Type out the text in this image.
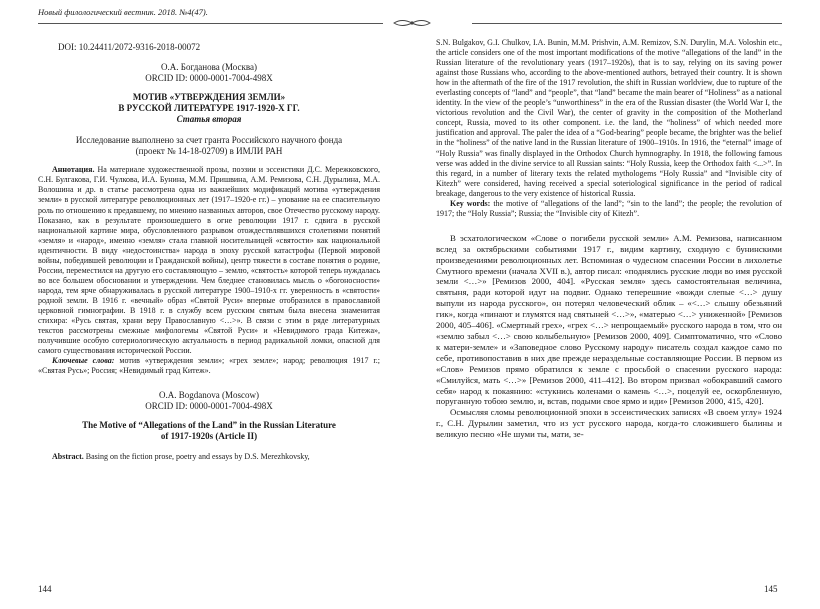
Новый филологический вестник. 2018. №4(47).
DOI: 10.24411/2072-9316-2018-00072
О.А. Богданова (Москва)
ORCID ID: 0000-0001-7004-498X
МОТИВ «УТВЕРЖДЕНИЯ ЗЕМЛИ»
В РУССКОЙ ЛИТЕРАТУРЕ 1917-1920-Х ГГ.
Статья вторая
Исследование выполнено за счет гранта Российского научного фонда
(проект № 14-18-02709) в ИМЛИ РАН

Аннотация. На материале художественной прозы, поэзии и эссеистики Д.С. Мережковского, С.Н. Булгакова, Г.И. Чулкова, И.А. Бунина, М.М. Пришвина, А.М. Ремизова, С.Н. Дурылина, М.А. Волошина и др. в статье рассмотрена одна из важнейших модификаций мотива «утверждения земли» в русской литературе революционных лет (1917–1920-е гг.) – упование на ее спасительную роль по отношению к предавшему, по мнению названных авторов, свое Отечество русскому народу. Показано, как в результате произошедшего в огне революции 1917 г. сдвига в русской национальной картине мира, обусловленного разрывом отождествлявшихся столетиями понятий «земля» и «народ», именно «земля» стала главной носительницей «святости» как национальной идентичности. В виду «недостоинства» народа в эпоху русской катастрофы (Первой мировой войны, победившей революции и Гражданской войны), центр тяжести в составе понятия о родине, России, переместился на другую его составляющую – землю, «святость» которой теперь нуждалась во все большем обосновании и утверждении. Чем бледнее становилась мысль о «богоносности» народа, тем ярче обнаруживалась в русской литературе 1900–1910-х гг. уверенность в «святости» родной земли. В 1916 г. «вечный» образ «Святой Руси» впервые отобразился в православной церковной гимнографии. В 1918 г. в службу всем русским святым была внесена знаменитая стихира: «Русь святая, храни веру Православную <…>». В связи с этим в ряде литературных текстов рассмотрены смежные мифологемы «Святой Руси» и «Невидимого града Китежа», получившие особую сотериологическую актуальность в период радикальной ломки, опасной для самого существования исторической России.

Ключевые слова: мотив «утверждения земли»; «грех земле»; народ; революция 1917 г.; «Святая Русь»; Россия; «Невидимый град Китеж».

O.A. Bogdanova (Moscow)
ORCID ID: 0000-0001-7004-498X
The Motive of “Allegations of the Land” in the Russian Literature
of 1917-1920s (Article II)

Abstract. Basing on the fiction prose, poetry and essays by D.S. Merezhkovsky,

S.N. Bulgakov, G.I. Chulkov, I.A. Bunin, M.M. Prishvin, A.M. Remizov, S.N. Durylin, M.A. Voloshin etc., the article considers one of the most important modifications of the motive “allegations of the land” in the Russian literature of the revolutionary years (1917–1920s), that is to say, relying on its saving power against those Russians who, according to the above-mentioned authors, betrayed their country. It is shown how in the aftermath of the fire of the 1917 revolution, the shift in Russian worldview, due to rupture of the everlasting concepts of “land” and “people”, that “land” became the main bearer of “Holiness” as a national identity. In the view of the people’s “unworthiness” in the era of the Russian disaster (the World War I, the victorious revolution and the Civil War), the center of gravity in the composition of the Motherland concept, Russia, moved to its other component. i.e. the land, the “holiness” of which needed more justification and approval. The paler the idea of a “God-bearing” people became, the brighter was the belief in the “holiness” of the native land in the Russian literature of 1900–1910s. In 1916, the “eternal” image of “Holy Russia” was finally displayed in the Orthodox Church hymnography. In 1918, the following famous verse was added in the divine service to all Russian saints: “Holy Russia, keep the Orthodox faith <...>”. In this regard, in a number of literary texts the related mythologems “Holy Russia” and “Invisible city of Kitezh” were considered, having received a special soteriological significance in the period of radical breakage, dangerous to the very existence of historical Russia.

Key words: the motive of “allegations of the land”; “sin to the land”; the people; the revolution of 1917; the “Holy Russia”; Russia; the “Invisible city of Kitezh”.

В эсхатологическом «Слове о погибели русской земли» А.М. Ремизова, написанном вслед за октябрьскими событиями 1917 г., видим картину, сходную с бунинскими произведениями революционных лет. Вспоминая о чудесном спасении России в лихолетье Смутного времени (начала XVII в.), автор писал: «поднялись русские люди во имя русской земли <…>» [Ремизов 2000, 404]. «Русская земля» здесь самостоятельная величина, святыня, ради которой идут на подвиг. Однако теперешние «вожди слепые <…> душу выпули из народа русского», он потерял человеческий облик – «<…> слышу обезьяний гик», когда «пинают и глумятся над святыней <…>», «матерью <…> униженной» [Ремизов 2000, 405–406]. «Смертный грех», «грех <…> непрощаемый» русского народа в том, что он «землю забыл <…> свою колыбельную» [Ремизов 2000, 409]. Симптоматично, что «Слово к матери-земле» и «Заповедное слово Русскому народу» писатель создал каждое само по себе, противопоставив в них две прежде нераздельные составляющие России. В первом из «Слов» Ремизов прямо обратился к земле с просьбой о спасении русского народа: «Смилуйся, мать <…>» [Ремизов 2000, 411–412]. Во втором призвал «обокравший самого себя» народ к покаянию: «стукнись коленами о камень <…>, поцелуй ее, оскорбленную, поруганную тобою землю, и, встав, подыми свое ярмо и иди» [Ремизов 2000, 415, 420].

Осмысляя сломы революционной эпохи в эссеистических записях «В своем углу» 1924 г., С.Н. Дурылин заметил, что из уст русского народа, когда-то сложившего былины и великую песню «Не шуми ты, мати, зе-

144	145
